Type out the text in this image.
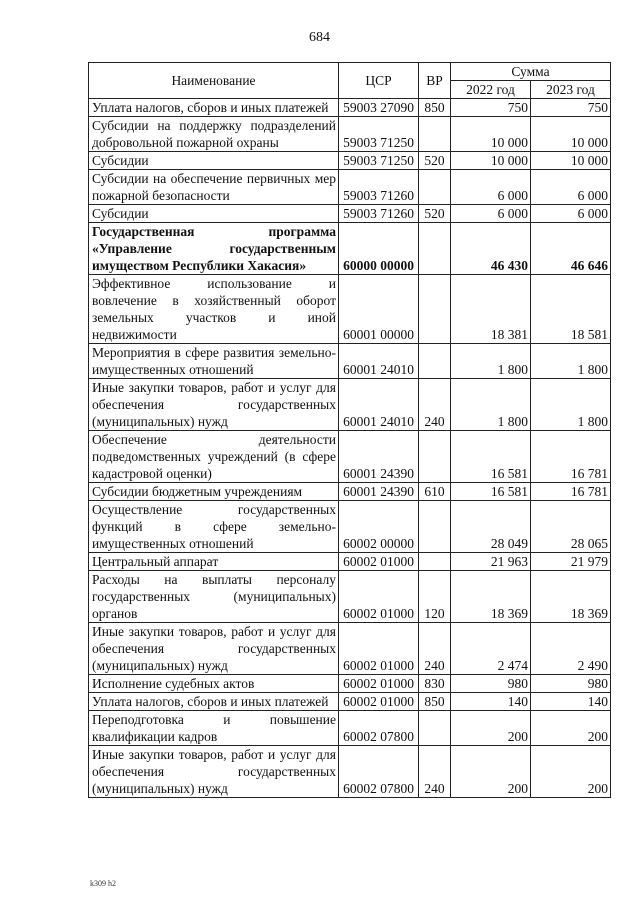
684
Наименование	ЦСР	ВР	Сумма	
			2022 год	2023 год
Уплата налогов, сборов и иных платежей	59003 27090	850	750	750
Субсидии на поддержку подразделений добровольной пожарной охраны	59003 71250		10 000	10 000
Субсидии	59003 71250	520	10 000	10 000
Субсидии на обеспечение первичных мер пожарной безопасности	59003 71260		6 000	6 000
Субсидии	59003 71260	520	6 000	6 000
Государственная программа «Управление государственным имуществом Республики Хакасия»	60000 00000		46 430	46 646
Эффективное использование и вовлечение в хозяйственный оборот земельных участков и иной недвижимости	60001 00000		18 381	18 581
Мероприятия в сфере развития земельно-имущественных отношений	60001 24010		1 800	1 800
Иные закупки товаров, работ и услуг для обеспечения государственных (муниципальных) нужд	60001 24010	240	1 800	1 800
Обеспечение деятельности подведомственных учреждений (в сфере кадастровой оценки)	60001 24390		16 581	16 781
Субсидии бюджетным учреждениям	60001 24390	610	16 581	16 781
Осуществление государственных функций в сфере земельно-имущественных отношений	60002 00000		28 049	28 065
Центральный аппарат	60002 01000		21 963	21 979
Расходы на выплаты персоналу государственных (муниципальных) органов	60002 01000	120	18 369	18 369
Иные закупки товаров, работ и услуг для обеспечения государственных (муниципальных) нужд	60002 01000	240	2 474	2 490
Исполнение судебных актов	60002 01000	830	980	980
Уплата налогов, сборов и иных платежей	60002 01000	850	140	140
Переподготовка и повышение квалификации кадров	60002 07800		200	200
Иные закупки товаров, работ и услуг для обеспечения государственных (муниципальных) нужд	60002 07800	240	200	200
k309 h2
